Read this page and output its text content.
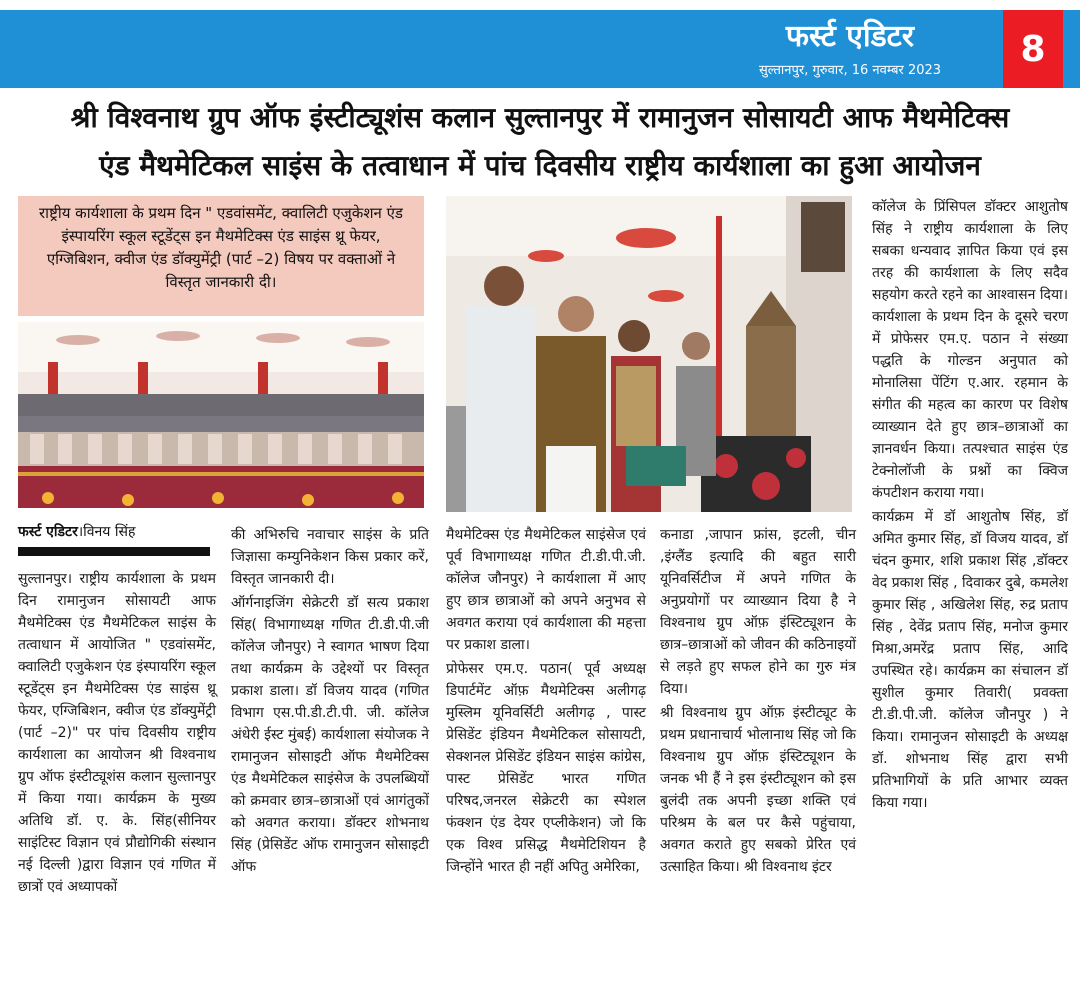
फर्स्ट एडिटर
सुल्तानपुर, गुरुवार, 16 नवम्बर 2023
8
श्री विश्वनाथ ग्रुप ऑफ इंस्टीट्यूशंस कलान सुल्तानपुर में रामानुजन सोसायटी आफ मैथमेटिक्स
एंड मैथमेटिकल साइंस के तत्वाधान में पांच दिवसीय राष्ट्रीय कार्यशाला का हुआ आयोजन
राष्ट्रीय कार्यशाला के प्रथम दिन " एडवांसमेंट, क्वालिटी एजुकेशन एंड इंस्पायरिंग स्कूल स्टूडेंट्स इन मैथमेटिक्स एंड साइंस थ्रू फेयर, एग्जिबिशन, क्वीज एंड डॉक्युमेंट्री (पार्ट –2) विषय पर वक्ताओं ने विस्तृत जानकारी दी।
फर्स्ट एडिटर।विनय सिंह

सुल्तानपुर। राष्ट्रीय कार्यशाला के प्रथम दिन रामानुजन सोसायटी आफ मैथमेटिक्स एंड मैथमेटिकल साइंस के तत्वाधान में आयोजित " एडवांसमेंट, क्वालिटी एजुकेशन एंड इंस्पायरिंग स्कूल स्टूडेंट्स इन मैथमेटिक्स एंड साइंस थ्रू फेयर, एग्जिबिशन, क्वीज एंड डॉक्युमेंट्री (पार्ट –2)" पर पांच दिवसीय राष्ट्रीय कार्यशाला का आयोजन श्री विश्वनाथ ग्रुप ऑफ इंस्टीट्यूशंस कलान सुल्तानपुर में किया गया। कार्यक्रम के मुख्य अतिथि डॉ. ए. के. सिंह(सीनियर साइंटिस्ट विज्ञान एवं प्रौद्योगिकी संस्थान नई दिल्ली )द्वारा विज्ञान एवं गणित में छात्रों एवं अध्यापकों

की अभिरुचि नवाचार साइंस के प्रति जिज्ञासा कम्युनिकेशन किस प्रकार करें, विस्तृत जानकारी दी।

ऑर्गनाइजिंग सेक्रेटरी डॉ सत्य प्रकाश सिंह( विभागाध्यक्ष गणित टी.डी.पी.जी कॉलेज जौनपुर) ने स्वागत भाषण दिया तथा कार्यक्रम के उद्देश्यों पर विस्तृत प्रकाश डाला। डॉ विजय यादव (गणित विभाग एस.पी.डी.टी.पी. जी. कॉलेज अंधेरी ईस्ट मुंबई) कार्यशाला संयोजक ने रामानुजन सोसाइटी ऑफ मैथमेटिक्स एंड मैथमेटिकल साइंसेज के उपलब्धियों को क्रमवार छात्र–छात्राओं एवं आगंतुकों को अवगत कराया। डॉक्टर शोभनाथ सिंह (प्रेसिडेंट ऑफ रामानुजन सोसाइटी ऑफ

मैथमेटिक्स एंड मैथमेटिकल साइंसेज एवं पूर्व विभागाध्यक्ष गणित टी.डी.पी.जी. कॉलेज जौनपुर) ने कार्यशाला में आए हुए छात्र छात्राओं को अपने अनुभव से अवगत कराया एवं कार्यशाला की महत्ता पर प्रकाश डाला।

प्रोफेसर एम.ए. पठान( पूर्व अध्यक्ष डिपार्टमेंट ऑफ़ मैथमेटिक्स अलीगढ़ मुस्लिम यूनिवर्सिटी अलीगढ़ , पास्ट प्रेसिडेंट इंडियन मैथमेटिकल सोसायटी, सेक्शनल प्रेसिडेंट इंडियन साइंस कांग्रेस, पास्ट प्रेसिडेंट भारत गणित परिषद,जनरल सेक्रेटरी का स्पेशल फंक्शन एंड देयर एप्लीकेशन) जो कि एक विश्व प्रसिद्ध मैथमेटिशियन है जिन्होंने भारत ही नहीं अपितु अमेरिका,

कनाडा ,जापान फ्रांस, इटली, चीन ,इंग्लैंड इत्यादि की बहुत सारी यूनिवर्सिटीज में अपने गणित के अनुप्रयोगों पर व्याख्यान दिया है ने विश्वनाथ ग्रुप ऑफ़ इंस्टिट्यूशन के छात्र–छात्राओं को जीवन की कठिनाइयों से लड़ते हुए सफल होने का गुरु मंत्र दिया।

श्री विश्वनाथ ग्रुप ऑफ़ इंस्टीट्यूट के प्रथम प्रधानाचार्य भोलानाथ सिंह जो कि विश्वनाथ ग्रुप ऑफ़ इंस्टिट्यूशन के जनक भी हैं ने इस इंस्टीट्यूशन को इस बुलंदी तक अपनी इच्छा शक्ति एवं परिश्रम के बल पर कैसे पहुंचाया, अवगत कराते हुए सबको प्रेरित एवं उत्साहित किया। श्री विश्वनाथ इंटर

कॉलेज के प्रिंसिपल डॉक्टर आशुतोष सिंह ने राष्ट्रीय कार्यशाला के लिए सबका धन्यवाद ज्ञापित किया एवं इस तरह की कार्यशाला के लिए सदैव सहयोग करते रहने का आश्वासन दिया। कार्यशाला के प्रथम दिन के दूसरे चरण में प्रोफेसर एम.ए. पठान ने संख्या पद्धति के गोल्डन अनुपात को मोनालिसा पेंटिंग ए.आर. रहमान के संगीत की महत्व का कारण पर विशेष व्याख्यान देते हुए छात्र–छात्राओं का ज्ञानवर्धन किया। तत्पश्चात साइंस एंड टेक्नोलॉजी के प्रश्नों का क्विज कंपटीशन कराया गया।

कार्यक्रम में डॉ आशुतोष सिंह, डॉ अमित कुमार सिंह, डॉ विजय यादव, डॉ चंदन कुमार, शशि प्रकाश सिंह ,डॉक्टर वेद प्रकाश सिंह , दिवाकर दुबे, कमलेश कुमार सिंह , अखिलेश सिंह, रुद्र प्रताप सिंह , देवेंद्र प्रताप सिंह, मनोज कुमार मिश्रा,अमरेंद्र प्रताप सिंह, आदि उपस्थित रहे। कार्यक्रम का संचालन डॉ सुशील कुमार तिवारी( प्रवक्ता टी.डी.पी.जी. कॉलेज जौनपुर ) ने किया। रामानुजन सोसाइटी के अध्यक्ष डॉ. शोभनाथ सिंह द्वारा सभी प्रतिभागियों के प्रति आभार व्यक्त किया गया।
